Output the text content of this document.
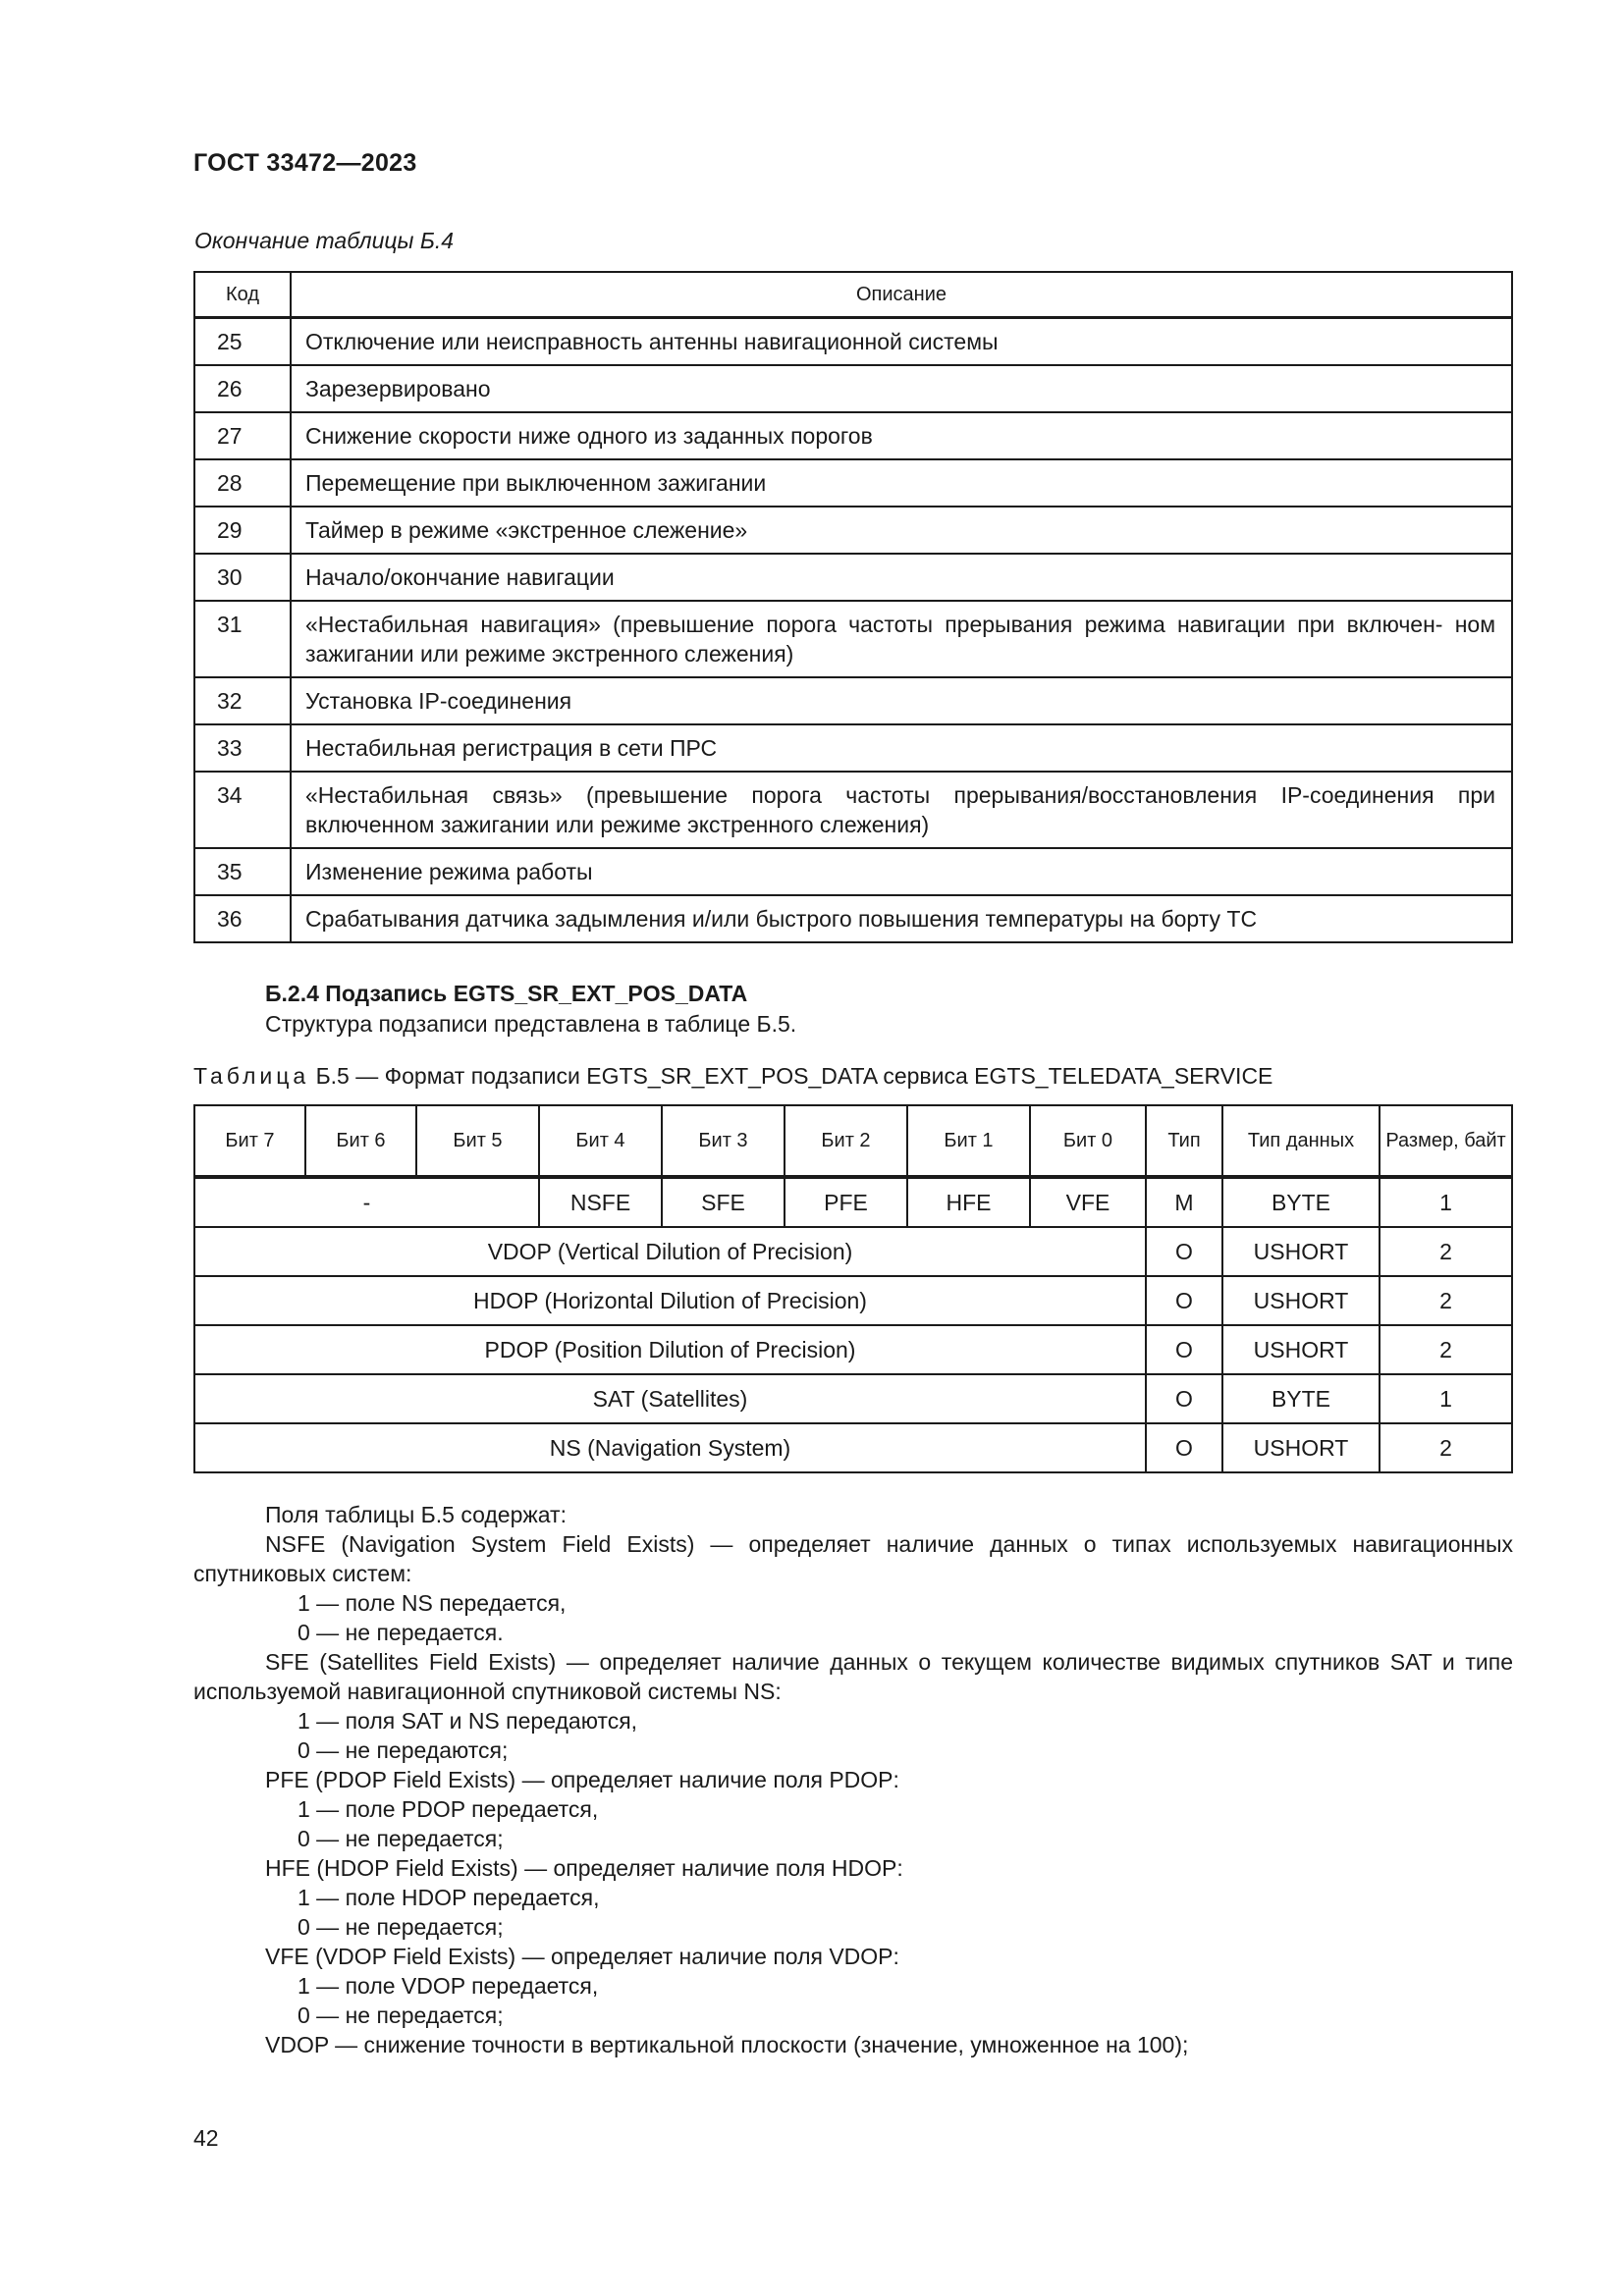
ГОСТ 33472—2023
Окончание таблицы Б.4
Код	Описание
25	Отключение или неисправность антенны навигационной системы
26	Зарезервировано
27	Снижение скорости ниже одного из заданных порогов
28	Перемещение при выключенном зажигании
29	Таймер в режиме «экстренное слежение»
30	Начало/окончание навигации
31	«Нестабильная навигация» (превышение порога частоты прерывания режима навигации при включен- ном зажигании или режиме экстренного слежения)
32	Установка IP-соединения
33	Нестабильная регистрация в сети ПРС
34	«Нестабильная связь» (превышение порога частоты прерывания/восстановления IP-соединения при включенном зажигании или режиме экстренного слежения)
35	Изменение режима работы
36	Срабатывания датчика задымления и/или быстрого повышения температуры на борту ТС
Б.2.4 Подзапись EGTS_SR_EXT_POS_DATA
Структура подзаписи представлена в таблице Б.5.
Таблица Б.5 — Формат подзаписи EGTS_SR_EXT_POS_DATA сервиса EGTS_TELEDATA_SERVICE
Бит 7	Бит 6	Бит 5	Бит 4	Бит 3	Бит 2	Бит 1	Бит 0	Тип	Тип данных	Размер, байт
-			NSFE	SFE	PFE	HFE	VFE	M	BYTE	1
VDOP (Vertical Dilution of Precision)								O	USHORT	2
HDOP (Horizontal Dilution of Precision)								O	USHORT	2
PDOP (Position Dilution of Precision)								O	USHORT	2
SAT (Satellites)								O	BYTE	1
NS (Navigation System)								O	USHORT	2
Поля таблицы Б.5 содержат:
NSFE (Navigation System Field Exists) — определяет наличие данных о типах используемых навигационных спутниковых систем:
1 — поле NS передается,
0 — не передается.
SFE (Satellites Field Exists) — определяет наличие данных о текущем количестве видимых спутников SAT и типе используемой навигационной спутниковой системы NS:
1 — поля SAT и NS передаются,
0 — не передаются;
PFE (PDOP Field Exists) — определяет наличие поля PDOP:
1 — поле PDOP передается,
0 — не передается;
HFE (HDOP Field Exists) — определяет наличие поля HDOP:
1 — поле HDOP передается,
0 — не передается;
VFE (VDOP Field Exists) — определяет наличие поля VDOP:
1 — поле VDOP передается,
0 — не передается;
VDOP — снижение точности в вертикальной плоскости (значение, умноженное на 100);
42
